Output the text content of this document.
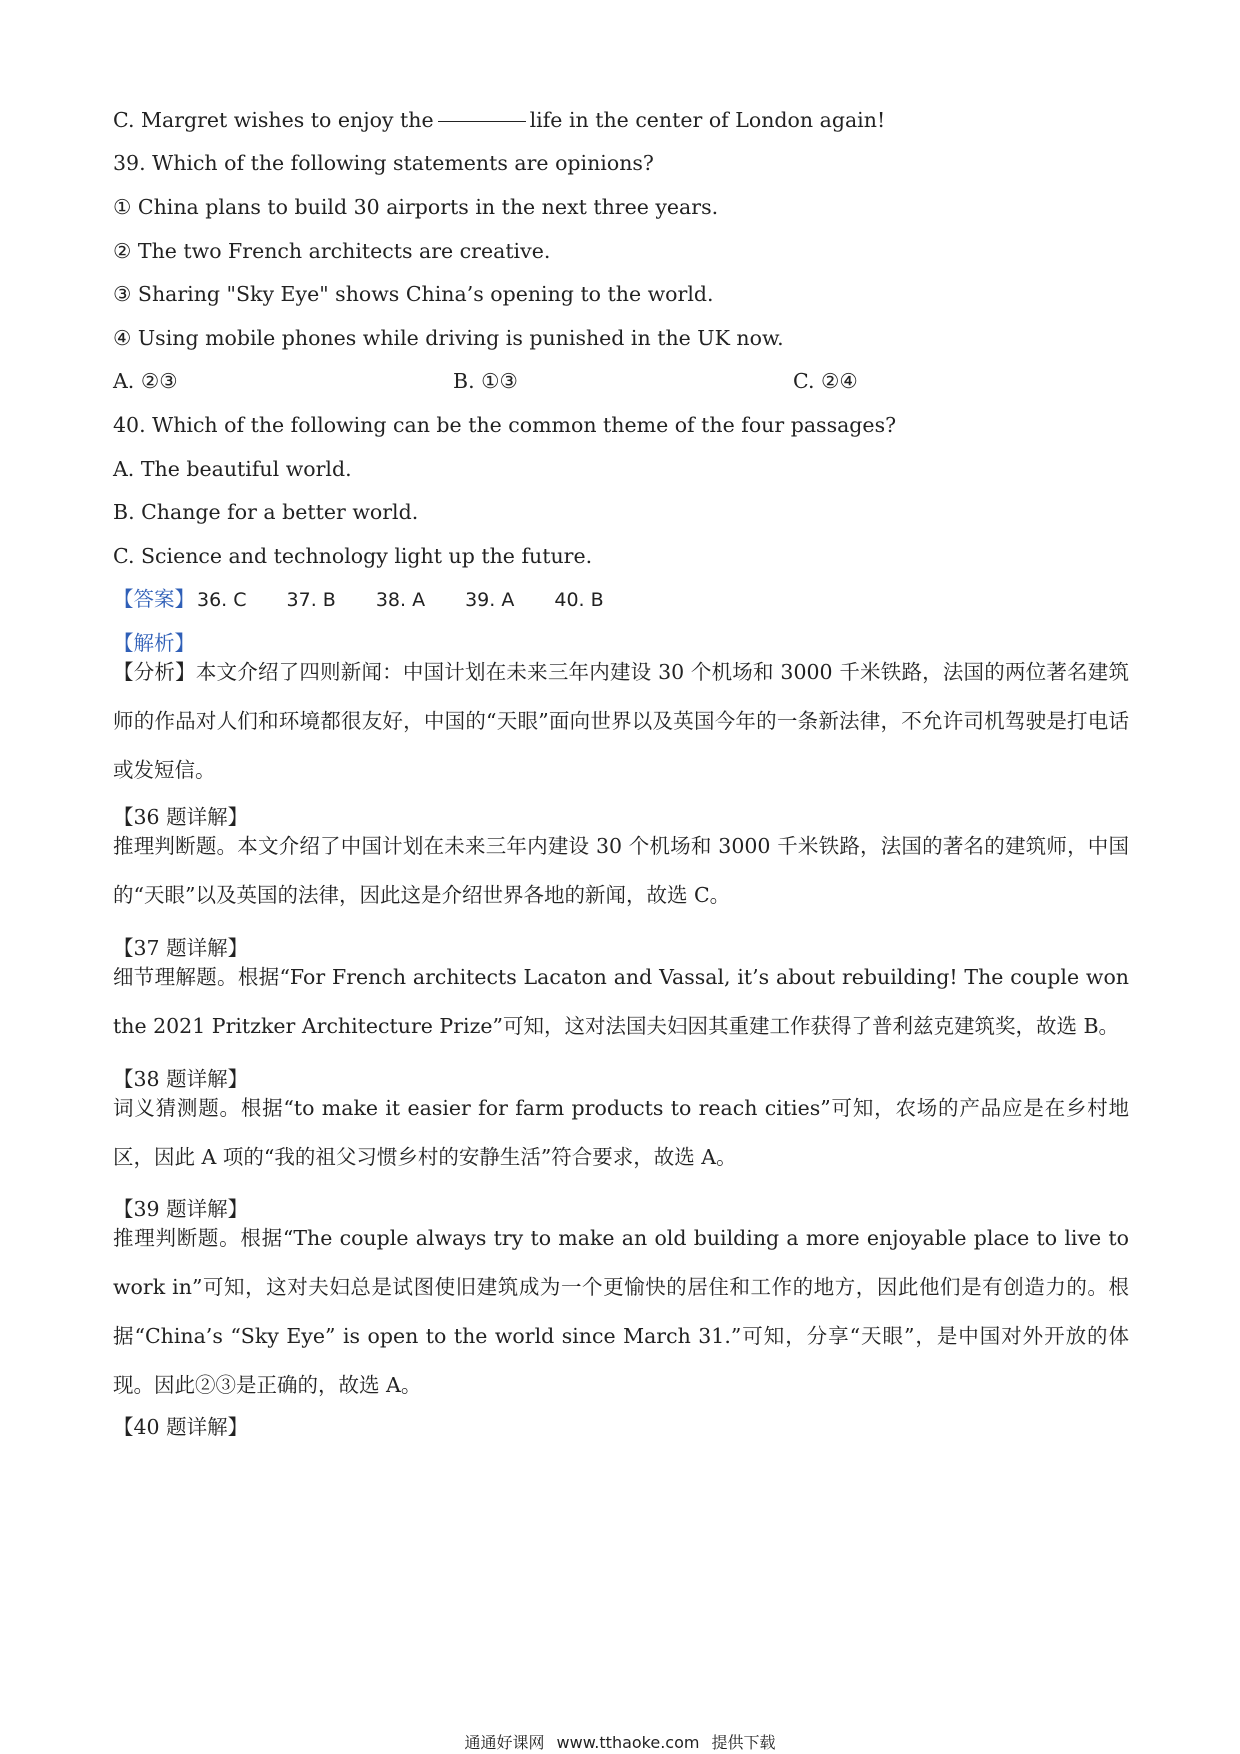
C. Margret wishes to enjoy the	life in the center of London again!
39. Which of the following statements are opinions?
① China plans to build 30 airports in the next three years.
② The two French architects are creative.
③ Sharing "Sky Eye" shows China’s opening to the world.
④ Using mobile phones while driving is punished in the UK now.
A. ②③	B. ①③	C. ②④
40. Which of the following can be the common theme of the four passages?
A. The beautiful world.
B. Change for a better world.
C. Science and technology light up the future.
【答案】 36. C 37. B 38. A 39. A 40. B
【解析】
【分析】本文介绍了四则新闻：中国计划在未来三年内建设 30 个机场和 3000 千米铁路，法国的两位著名建筑师的作品对人们和环境都很友好，中国的“天眼”面向世界以及英国今年的一条新法律，不允许司机驾驶是打电话或发短信。
【36 题详解】
推理判断题。本文介绍了中国计划在未来三年内建设 30 个机场和 3000 千米铁路，法国的著名的建筑师，中国的“天眼”以及英国的法律，因此这是介绍世界各地的新闻，故选 C。
【37 题详解】
细节理解题。根据“For French architects Lacaton and Vassal, it’s about rebuilding! The couple won the 2021 Pritzker Architecture Prize”可知，这对法国夫妇因其重建工作获得了普利兹克建筑奖，故选 B。
【38 题详解】
词义猜测题。根据“to make it easier for farm products to reach cities”可知，农场的产品应是在乡村地区，因此 A 项的“我的祖父习惯乡村的安静生活”符合要求，故选 A。
【39 题详解】
推理判断题。根据“The couple always try to make an old building a more enjoyable place to live to work in”可知，这对夫妇总是试图使旧建筑成为一个更愉快的居住和工作的地方，因此他们是有创造力的。根据“China’s “Sky Eye” is open to the world since March 31.”可知，分享“天眼”，是中国对外开放的体现。因此②③是正确的，故选 A。
【40 题详解】
通通好课网 www.tthaoke.com 提供下载
